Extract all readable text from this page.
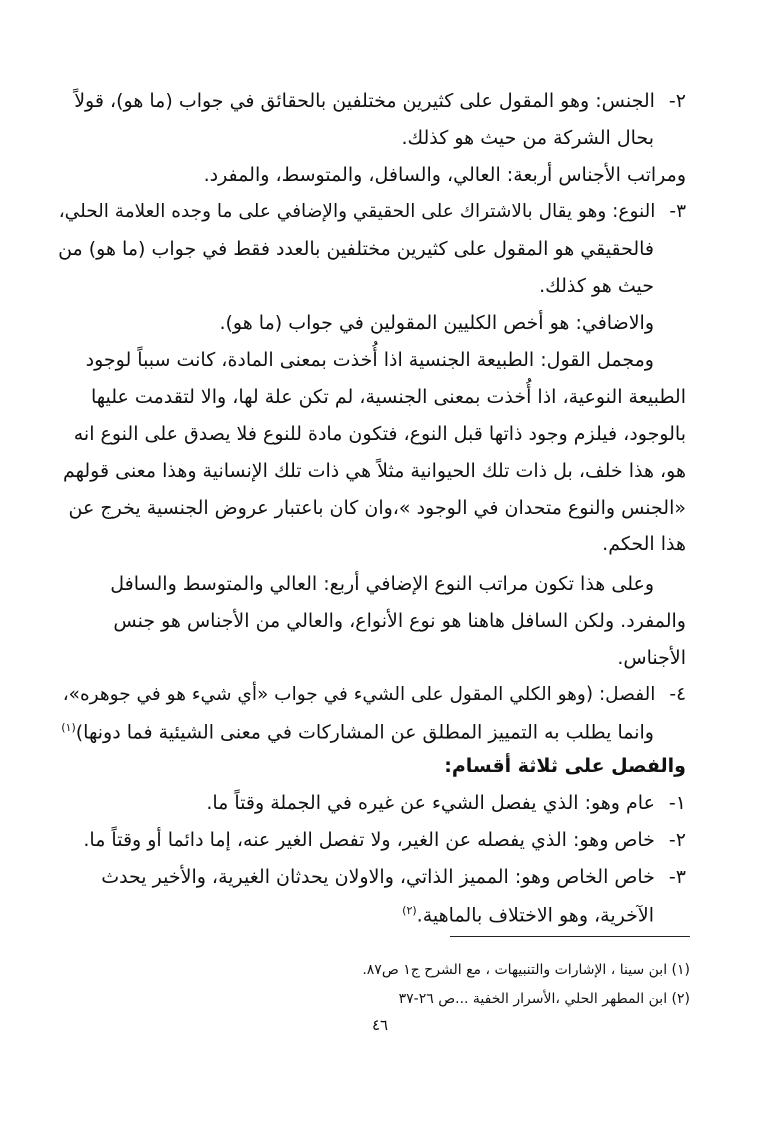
٢-الجنس: وهو المقول على كثيرين مختلفين بالحقائق في جواب (ما هو)، قولاً
بحال الشركة من حيث هو كذلك.
ومراتب الأجناس أربعة: العالي، والسافل، والمتوسط، والمفرد.
٣-النوع: وهو يقال بالاشتراك على الحقيقي والإضافي على ما وجده العلامة الحلي،
فالحقيقي هو المقول على كثيرين مختلفين بالعدد فقط في جواب (ما هو) من
حيث هو كذلك.
والاضافي: هو أخص الكليين المقولين في جواب (ما هو).
ومجمل القول: الطبيعة الجنسية اذا أُخذت بمعنى المادة، كانت سبباً لوجود
الطبيعة النوعية، اذا أُخذت بمعنى الجنسية، لم تكن علة لها، والا لتقدمت عليها
بالوجود، فيلزم وجود ذاتها قبل النوع، فتكون مادة للنوع فلا يصدق على النوع انه
هو، هذا خلف، بل ذات تلك الحيوانية مثلاً هي ذات تلك الإنسانية وهذا معنى قولهم
«الجنس والنوع متحدان في الوجود »،وان كان باعتبار عروض الجنسية يخرج عن
هذا الحكم.
وعلى هذا تكون مراتب النوع الإضافي أربع: العالي والمتوسط والسافل
والمفرد. ولكن السافل هاهنا هو نوع الأنواع، والعالي من الأجناس هو جنس
الأجناس.
٤-الفصل: (وهو الكلي المقول على الشيء في جواب «أي شيء هو في جوهره»،
وانما يطلب به التمييز المطلق عن المشاركات في معنى الشيئية فما دونها)$^{(١)}$
والفصل على ثلاثة أقسام:
١-عام وهو: الذي يفصل الشيء عن غيره في الجملة وقتاً ما.
٢-خاص وهو: الذي يفصله عن الغير، ولا تفصل الغير عنه، إما دائما أو وقتاً ما.
٣-خاص الخاص وهو: المميز الذاتي، والاولان يحدثان الغيرية، والأخير يحدث
الآخرية، وهو الاختلاف بالماهية.$^{(٢)}$
(١) ابن سينا ، الإشارات والتنبيهات ، مع الشرح ج١ ص٨٧.
(٢) ابن المطهر الحلي ،الأسرار الخفية ...ص ٢٦-٣٧
٤٦
